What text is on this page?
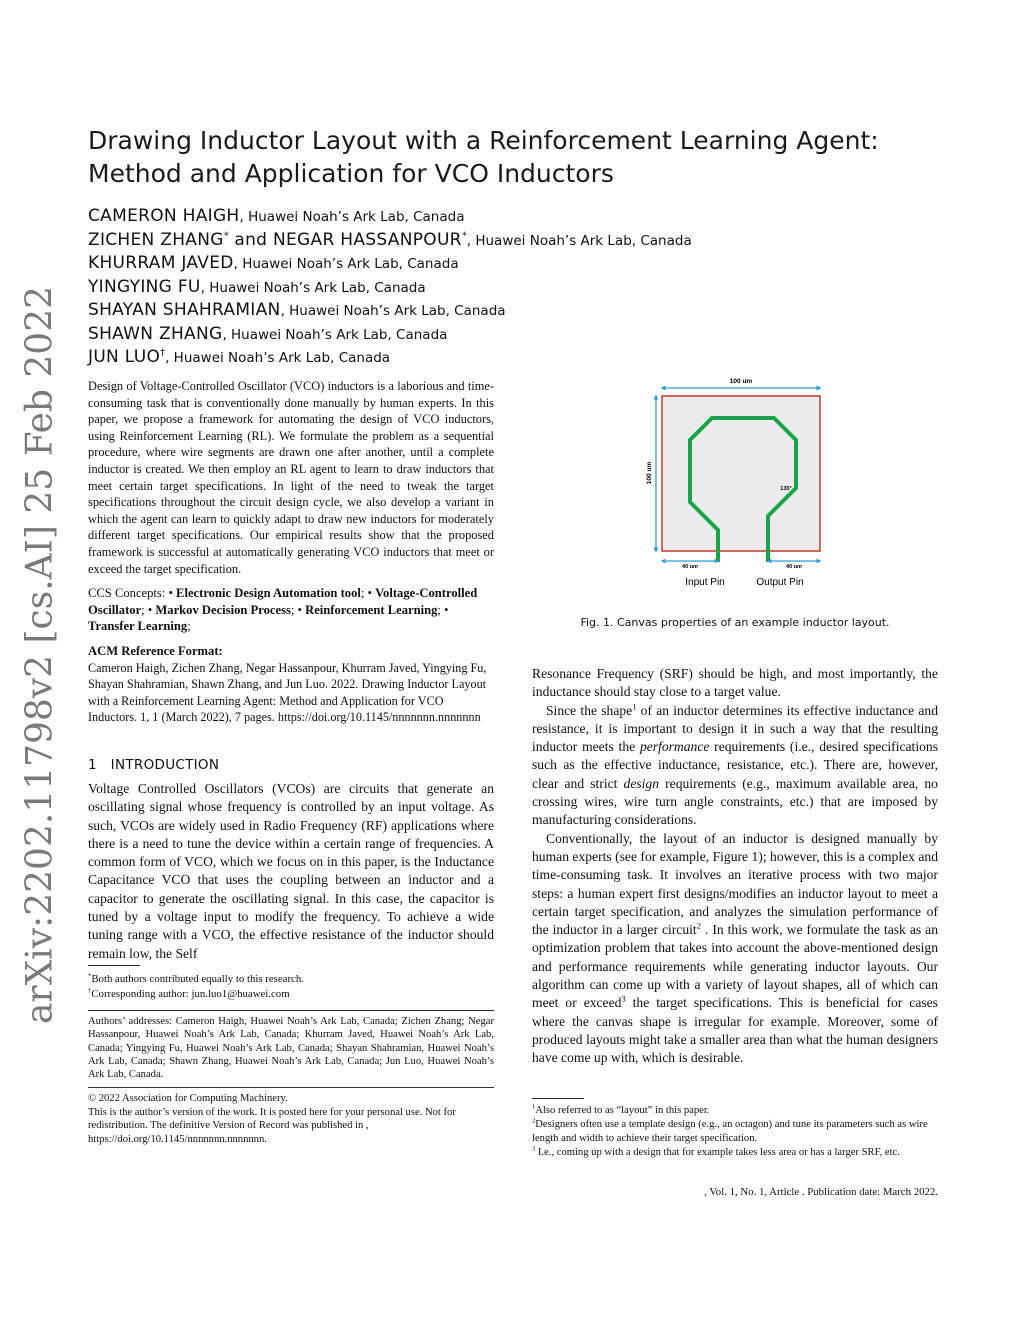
arXiv:2202.11798v2 [cs.AI] 25 Feb 2022
Drawing Inductor Layout with a Reinforcement Learning Agent:
Method and Application for VCO Inductors
CAMERON HAIGH, Huawei Noah’s Ark Lab, Canada
ZICHEN ZHANG* and NEGAR HASSANPOUR*, Huawei Noah’s Ark Lab, Canada
KHURRAM JAVED, Huawei Noah’s Ark Lab, Canada
YINGYING FU, Huawei Noah’s Ark Lab, Canada
SHAYAN SHAHRAMIAN, Huawei Noah’s Ark Lab, Canada
SHAWN ZHANG, Huawei Noah’s Ark Lab, Canada
JUN LUO†, Huawei Noah’s Ark Lab, Canada
Design of Voltage-Controlled Oscillator (VCO) inductors is a laborious and time-consuming task that is conventionally done manually by human experts. In this paper, we propose a framework for automating the design of VCO inductors, using Reinforcement Learning (RL). We formulate the problem as a sequential procedure, where wire segments are drawn one after another, until a complete inductor is created. We then employ an RL agent to learn to draw inductors that meet certain target specifications. In light of the need to tweak the target specifications throughout the circuit design cycle, we also develop a variant in which the agent can learn to quickly adapt to draw new inductors for moderately different target specifications. Our empirical results show that the proposed framework is successful at automatically generating VCO inductors that meet or exceed the target specification.
CCS Concepts: • Electronic Design Automation tool; • Voltage-Controlled Oscillator; • Markov Decision Process; • Reinforcement Learning; • Transfer Learning;
ACM Reference Format:
Cameron Haigh, Zichen Zhang, Negar Hassanpour, Khurram Javed, Yingying Fu, Shayan Shahramian, Shawn Zhang, and Jun Luo. 2022. Drawing Inductor Layout with a Reinforcement Learning Agent: Method and Application for VCO Inductors. 1, 1 (March 2022), 7 pages. https://doi.org/10.1145/nnnnnnn.nnnnnnn
1 INTRODUCTION
Voltage Controlled Oscillators (VCOs) are circuits that generate an oscillating signal whose frequency is controlled by an input voltage. As such, VCOs are widely used in Radio Frequency (RF) applications where there is a need to tune the device within a certain range of frequencies. A common form of VCO, which we focus on in this paper, is the Inductance Capacitance VCO that uses the coupling between an inductor and a capacitor to generate the oscillating signal. In this case, the capacitor is tuned by a voltage input to modify the frequency. To achieve a wide tuning range with a VCO, the effective resistance of the inductor should remain low, the Self
*Both authors contributed equally to this research.
†Corresponding author: jun.luo1@huawei.com
Authors’ addresses: Cameron Haigh, Huawei Noah’s Ark Lab, Canada; Zichen Zhang; Negar Hassanpour, Huawei Noah’s Ark Lab, Canada; Khurram Javed, Huawei Noah’s Ark Lab, Canada; Yingying Fu, Huawei Noah’s Ark Lab, Canada; Shayan Shahramian, Huawei Noah’s Ark Lab, Canada; Shawn Zhang, Huawei Noah’s Ark Lab, Canada; Jun Luo, Huawei Noah’s Ark Lab, Canada.
© 2022 Association for Computing Machinery.
This is the author’s version of the work. It is posted here for your personal use. Not for redistribution. The definitive Version of Record was published in , https://doi.org/10.1145/nnnnnnn.nnnnnnn.
100 um
100 um
135°
40 um	40 um
Input Pin	Output Pin
Fig. 1. Canvas properties of an example inductor layout.

Resonance Frequency (SRF) should be high, and most importantly, the inductance should stay close to a target value.

Since the shape$^1$ of an inductor determines its effective inductance and resistance, it is important to design it in such a way that the resulting inductor meets the performance requirements (i.e., desired specifications such as the effective inductance, resistance, etc.). There are, however, clear and strict design requirements (e.g., maximum available area, no crossing wires, wire turn angle constraints, etc.) that are imposed by manufacturing considerations.

Conventionally, the layout of an inductor is designed manually by human experts (see for example, Figure 1); however, this is a complex and time-consuming task. It involves an iterative process with two major steps: a human expert first designs/modifies an inductor layout to meet a certain target specification, and analyzes the simulation performance of the inductor in a larger circuit$^2$ . In this work, we formulate the task as an optimization problem that takes into account the above-mentioned design and performance requirements while generating inductor layouts. Our algorithm can come up with a variety of layout shapes, all of which can meet or exceed$^3$ the target specifications. This is beneficial for cases where the canvas shape is irregular for example. Moreover, some of produced layouts might take a smaller area than what the human designers have come up with, which is desirable.

$^1$Also referred to as “layout” in this paper.
$^2$Designers often use a template design (e.g., an octagon) and tune its parameters such as wire length and width to achieve their target specification.
$^3$ I.e., coming up with a design that for example takes less area or has a larger SRF, etc.
, Vol. 1, No. 1, Article . Publication date: March 2022.
